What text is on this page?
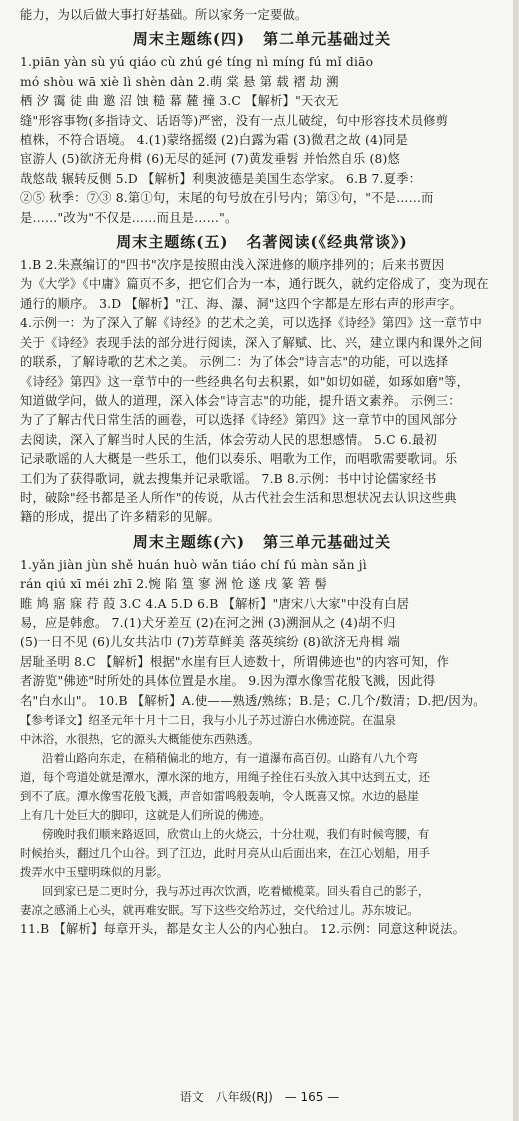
能力，为以后做大事打好基础。所以家务一定要做。
周末主题练(四) 第二单元基础过关
1.piān yàn sù yú qiáo cù zhú gé tíng nì míng fú mǐ diāo
mó shòu wā xiè lì shèn dàn 2.萌 棠 悬 第 载 褶 劫 溯
栖 汐 霭 徒 曲 邀 沼 蚀 糙 幕 麓 撞 3.C 【解析】"天衣无
缝"形容事物(多指诗文、话语等)严密，没有一点儿破绽，句中形容技术员修剪
植株，不符合语境。 4.(1)蒙络摇缀 (2)白露为霜 (3)微君之故 (4)同是
宦游人 (5)欲济无舟楫 (6)无尽的延河 (7)黄发垂髫 并怡然自乐 (8)悠
哉悠哉 辗转反侧 5.D 【解析】利奥波德是美国生态学家。 6.B 7.夏季：
②⑤ 秋季：⑦③ 8.第①句，末尾的句号放在引号内；第③句，"不是……而
是……"改为"不仅是……而且是……"。
周末主题练(五) 名著阅读(《经典常谈》)
1.B 2.朱熹编订的"四书"次序是按照由浅入深进修的顺序排列的；后来书贾因
为《大学》《中庸》篇页不多，把它们合为一本，通行既久，就约定俗成了，变为现在
通行的顺序。 3.D 【解析】"江、海、瀑、洞"这四个字都是左形右声的形声字。
4.示例一：为了深入了解《诗经》的艺术之美，可以选择《诗经》第四》这一章节中
关于《诗经》表现手法的部分进行阅读，深入了解赋、比、兴，建立课内和课外之间
的联系，了解诗歌的艺术之美。 示例二：为了体会"诗言志"的功能，可以选择
《诗经》第四》这一章节中的一些经典名句去积累，如"如切如磋，如琢如磨"等，
知道做学问，做人的道理，深入体会"诗言志"的功能，提升语文素养。 示例三：
为了了解古代日常生活的画卷，可以选择《诗经》第四》这一章节中的国风部分
去阅读，深入了解当时人民的生活，体会劳动人民的思想感情。 5.C 6.最初
记录歌谣的人大概是一些乐工，他们以奏乐、唱歌为工作，而唱歌需要歌词。乐
工们为了获得歌词，就去搜集并记录歌谣。 7.B 8.示例：书中讨论儒家经书
时，破除"经书都是圣人所作"的传说，从古代社会生活和思想状况去认识这些典
籍的形成，提出了许多精彩的见解。
周末主题练(六) 第三单元基础过关
1.yǎn jiàn jùn shě huán huò wǎn tiáo chí fú màn sǎn jì
rán qiú xī méi zhī 2.惋 陷 篁 寥 洲 怆 遂 戌 篆 箬 髻
睢 鸠 寤 寐 荇 葭 3.C 4.A 5.D 6.B 【解析】"唐宋八大家"中没有白居
易，应是韩愈。 7.(1)犬牙差互 (2)在河之洲 (3)溯洄从之 (4)胡不归
(5)一日不见 (6)儿女共沾巾 (7)芳草鲜美 落英缤纷 (8)欲济无舟楫 端
居耻圣明 8.C 【解析】根据"水崖有巨人迹数十，所谓佛迹也"的内容可知，作
者游览"佛迹"时所处的具体位置是水崖。 9.因为潭水像雪花般飞溅，因此得
名"白水山"。 10.B 【解析】A.使——熟透/熟练；B.是；C.几个/数清；D.把/因为。
【参考译文】绍圣元年十月十二日，我与小儿子苏过游白水佛迹院。在温泉
中沐浴，水很热，它的源头大概能使东西熟透。
沿着山路向东走，在稍稍偏北的地方，有一道瀑布高百仞。山路有八九个弯
道，每个弯道处就是潭水，潭水深的地方，用绳子拴住石头放入其中达到五丈，还
到不了底。潭水像雪花般飞溅，声音如雷鸣般轰响，令人既喜又惊。水边的悬崖
上有几十处巨大的脚印，这就是人们所说的佛迹。
傍晚时我们顺来路返回，欣赏山上的火烧云，十分壮观，我们有时候弯腰，有
时候抬头，翻过几个山谷。到了江边，此时月亮从山后面出来，在江心划船，用手
拨弄水中玉璧明珠似的月影。
回到家已是二更时分，我与苏过再次饮酒，吃着橄榄菜。回头看自己的影子，
妻凉之感涌上心头，就再难安眠。写下这些交给苏过，交代给过儿。苏东坡记。
11.B 【解析】每章开头，都是女主人公的内心独白。 12.示例：同意这种说法。
语文 八年级(RJ) — 165 —
